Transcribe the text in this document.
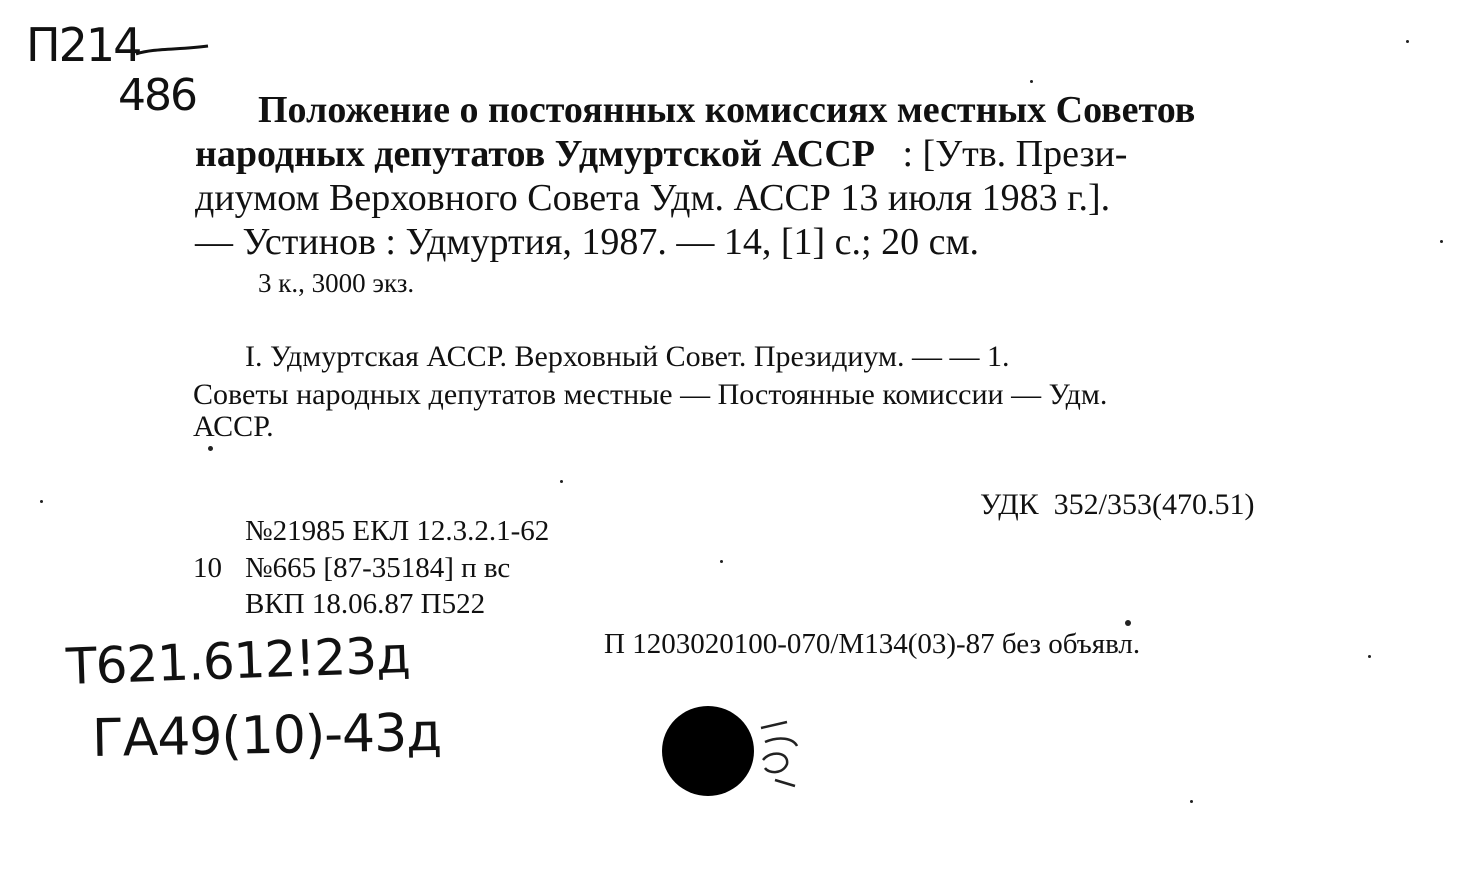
П214
486 Положение о постоянных комиссиях местных Советов
народных депутатов Удмуртской АССР : [Утв. Прези-
диумом Верховного Совета Удм. АССР 13 июля 1983 г.].
— Устинов : Удмуртия, 1987. — 14, [1] с.; 20 см.
3 к., 3000 экз.
I. Удмуртская АССР. Верховный Совет. Президиум. — — 1.
Советы народных депутатов местные — Постоянные комиссии — Удм.
АССР.
УДК  352/353(470.51)
№21985 ЕКЛ 12.3.2.1-62
10 №665 [87-35184] п вс
ВКП 18.06.87 П522
П 1203020100-070/М134(03)-87 без объявл.
Т621.612!23д
ГА49(10)-43д
